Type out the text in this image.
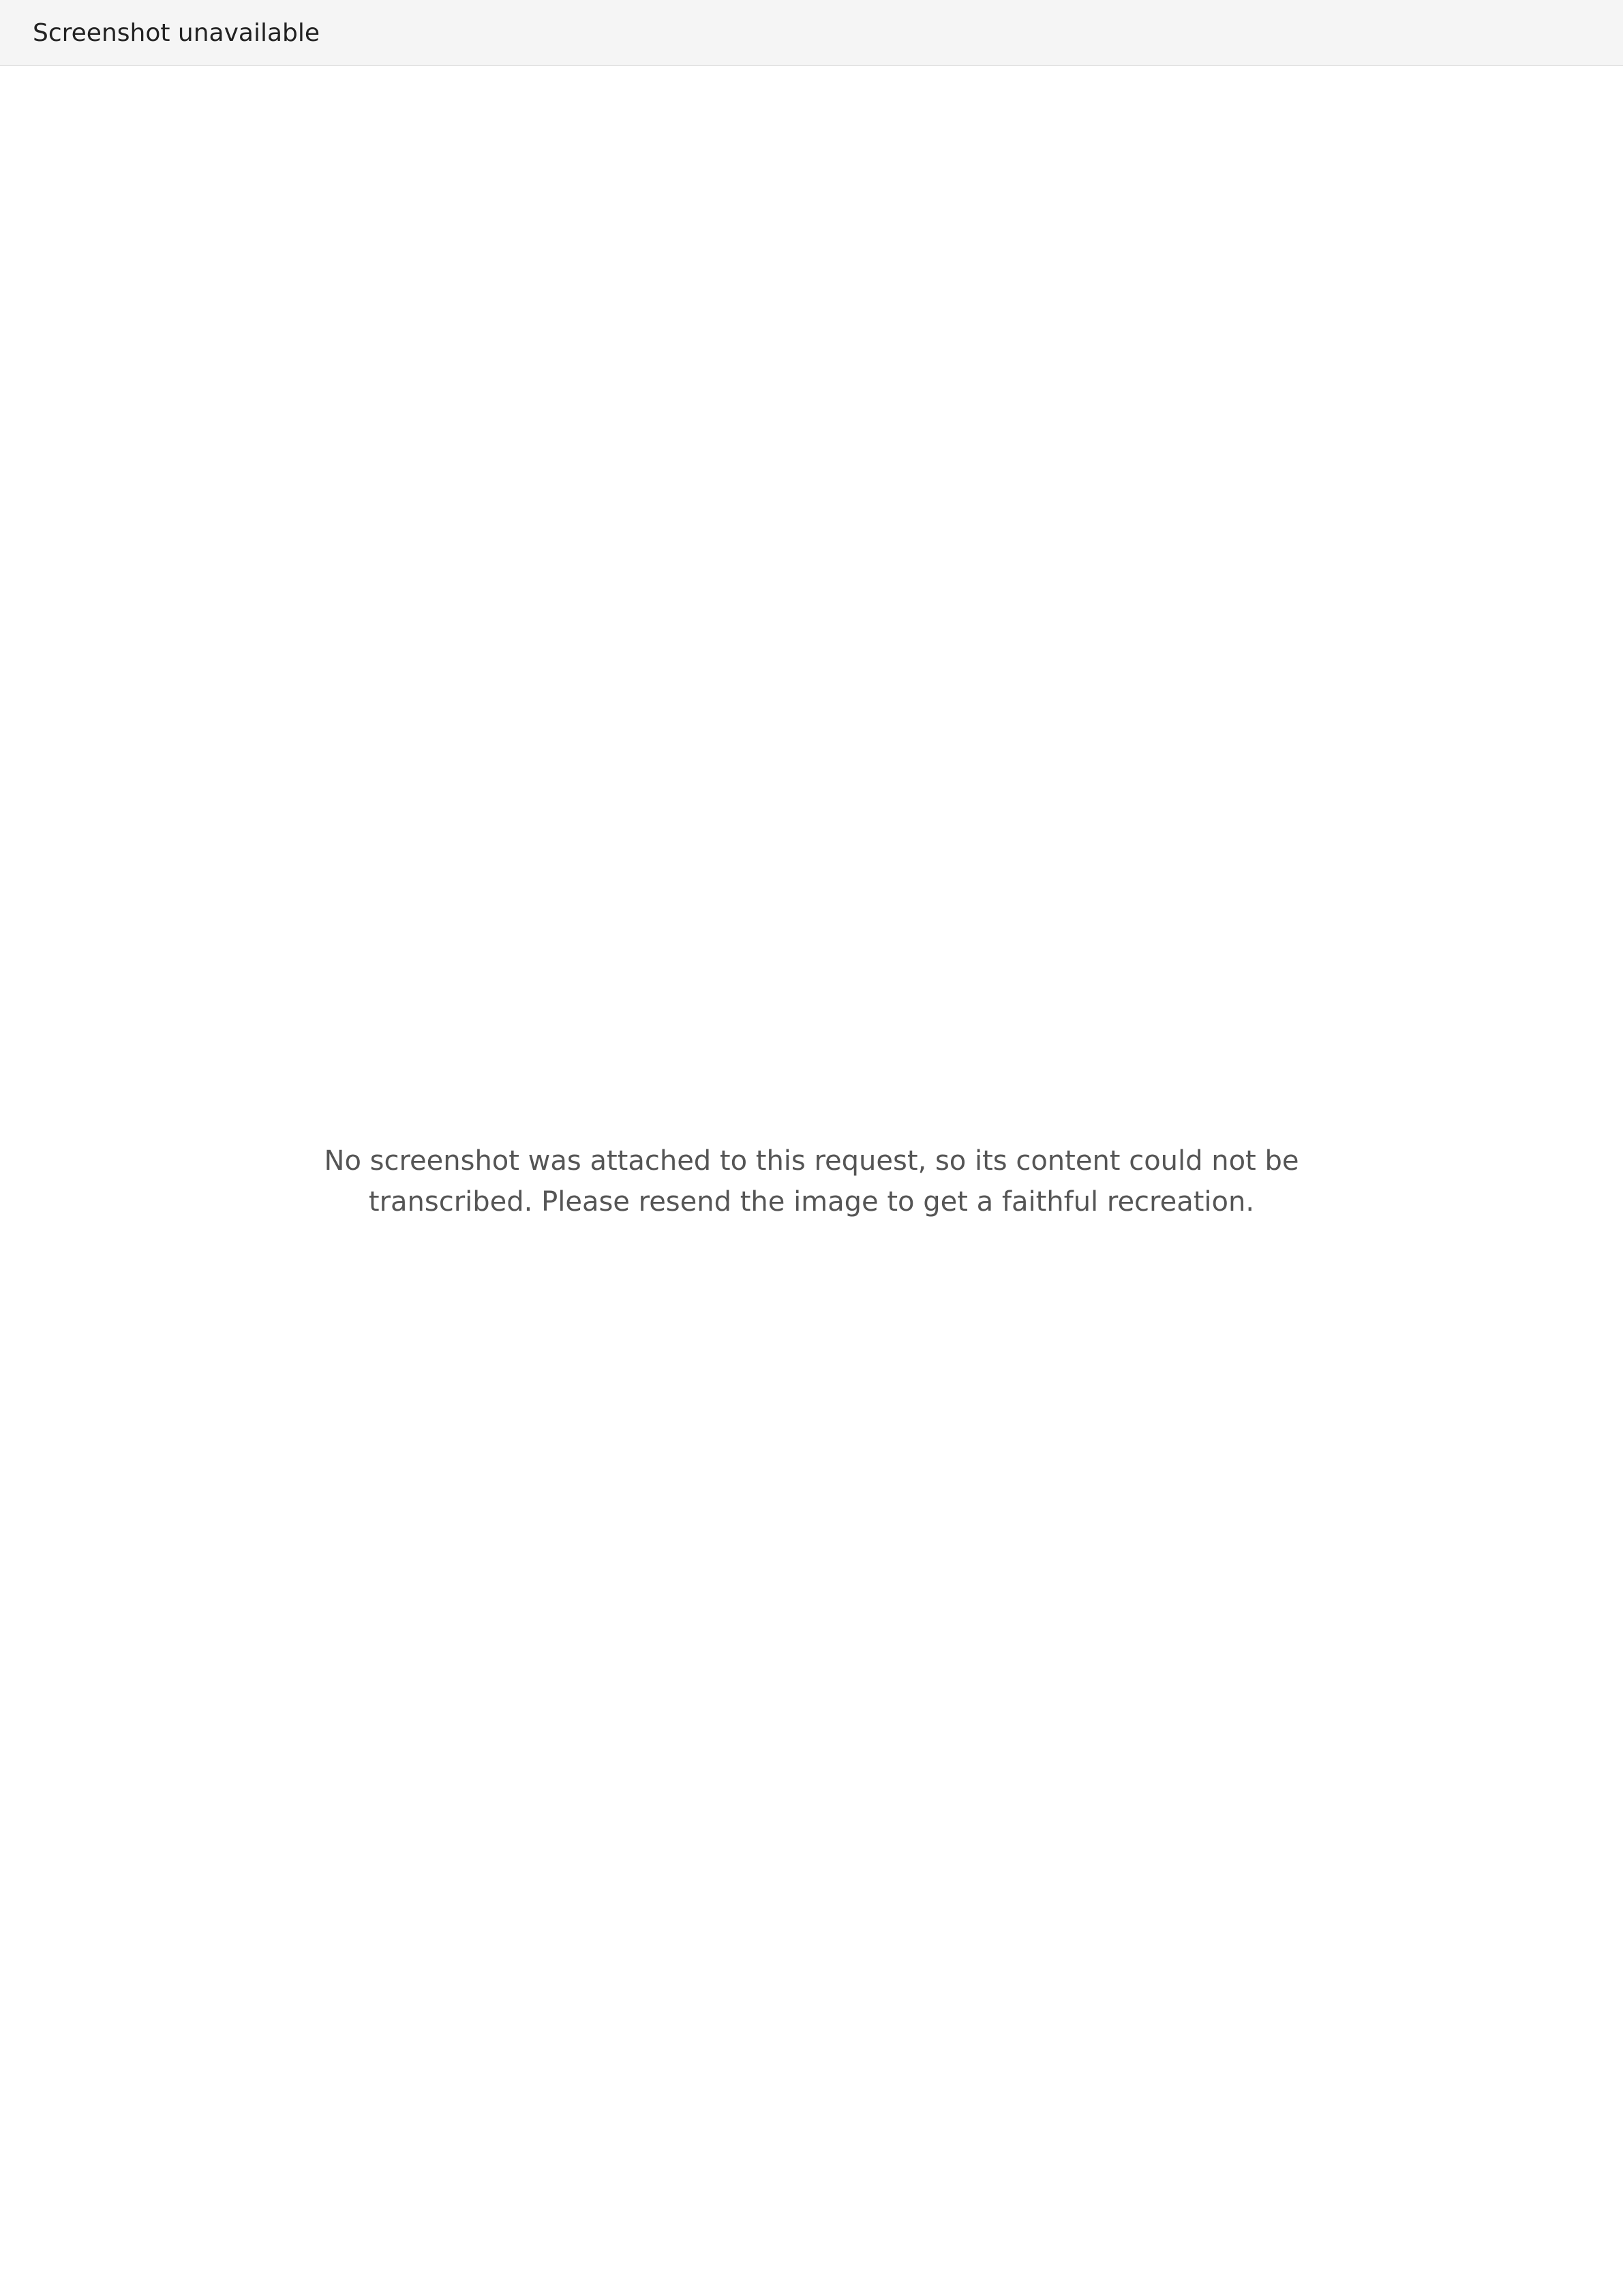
Screenshot unavailable

No screenshot was attached to this request, so its content could not be transcribed. Please resend the image to get a faithful recreation.
